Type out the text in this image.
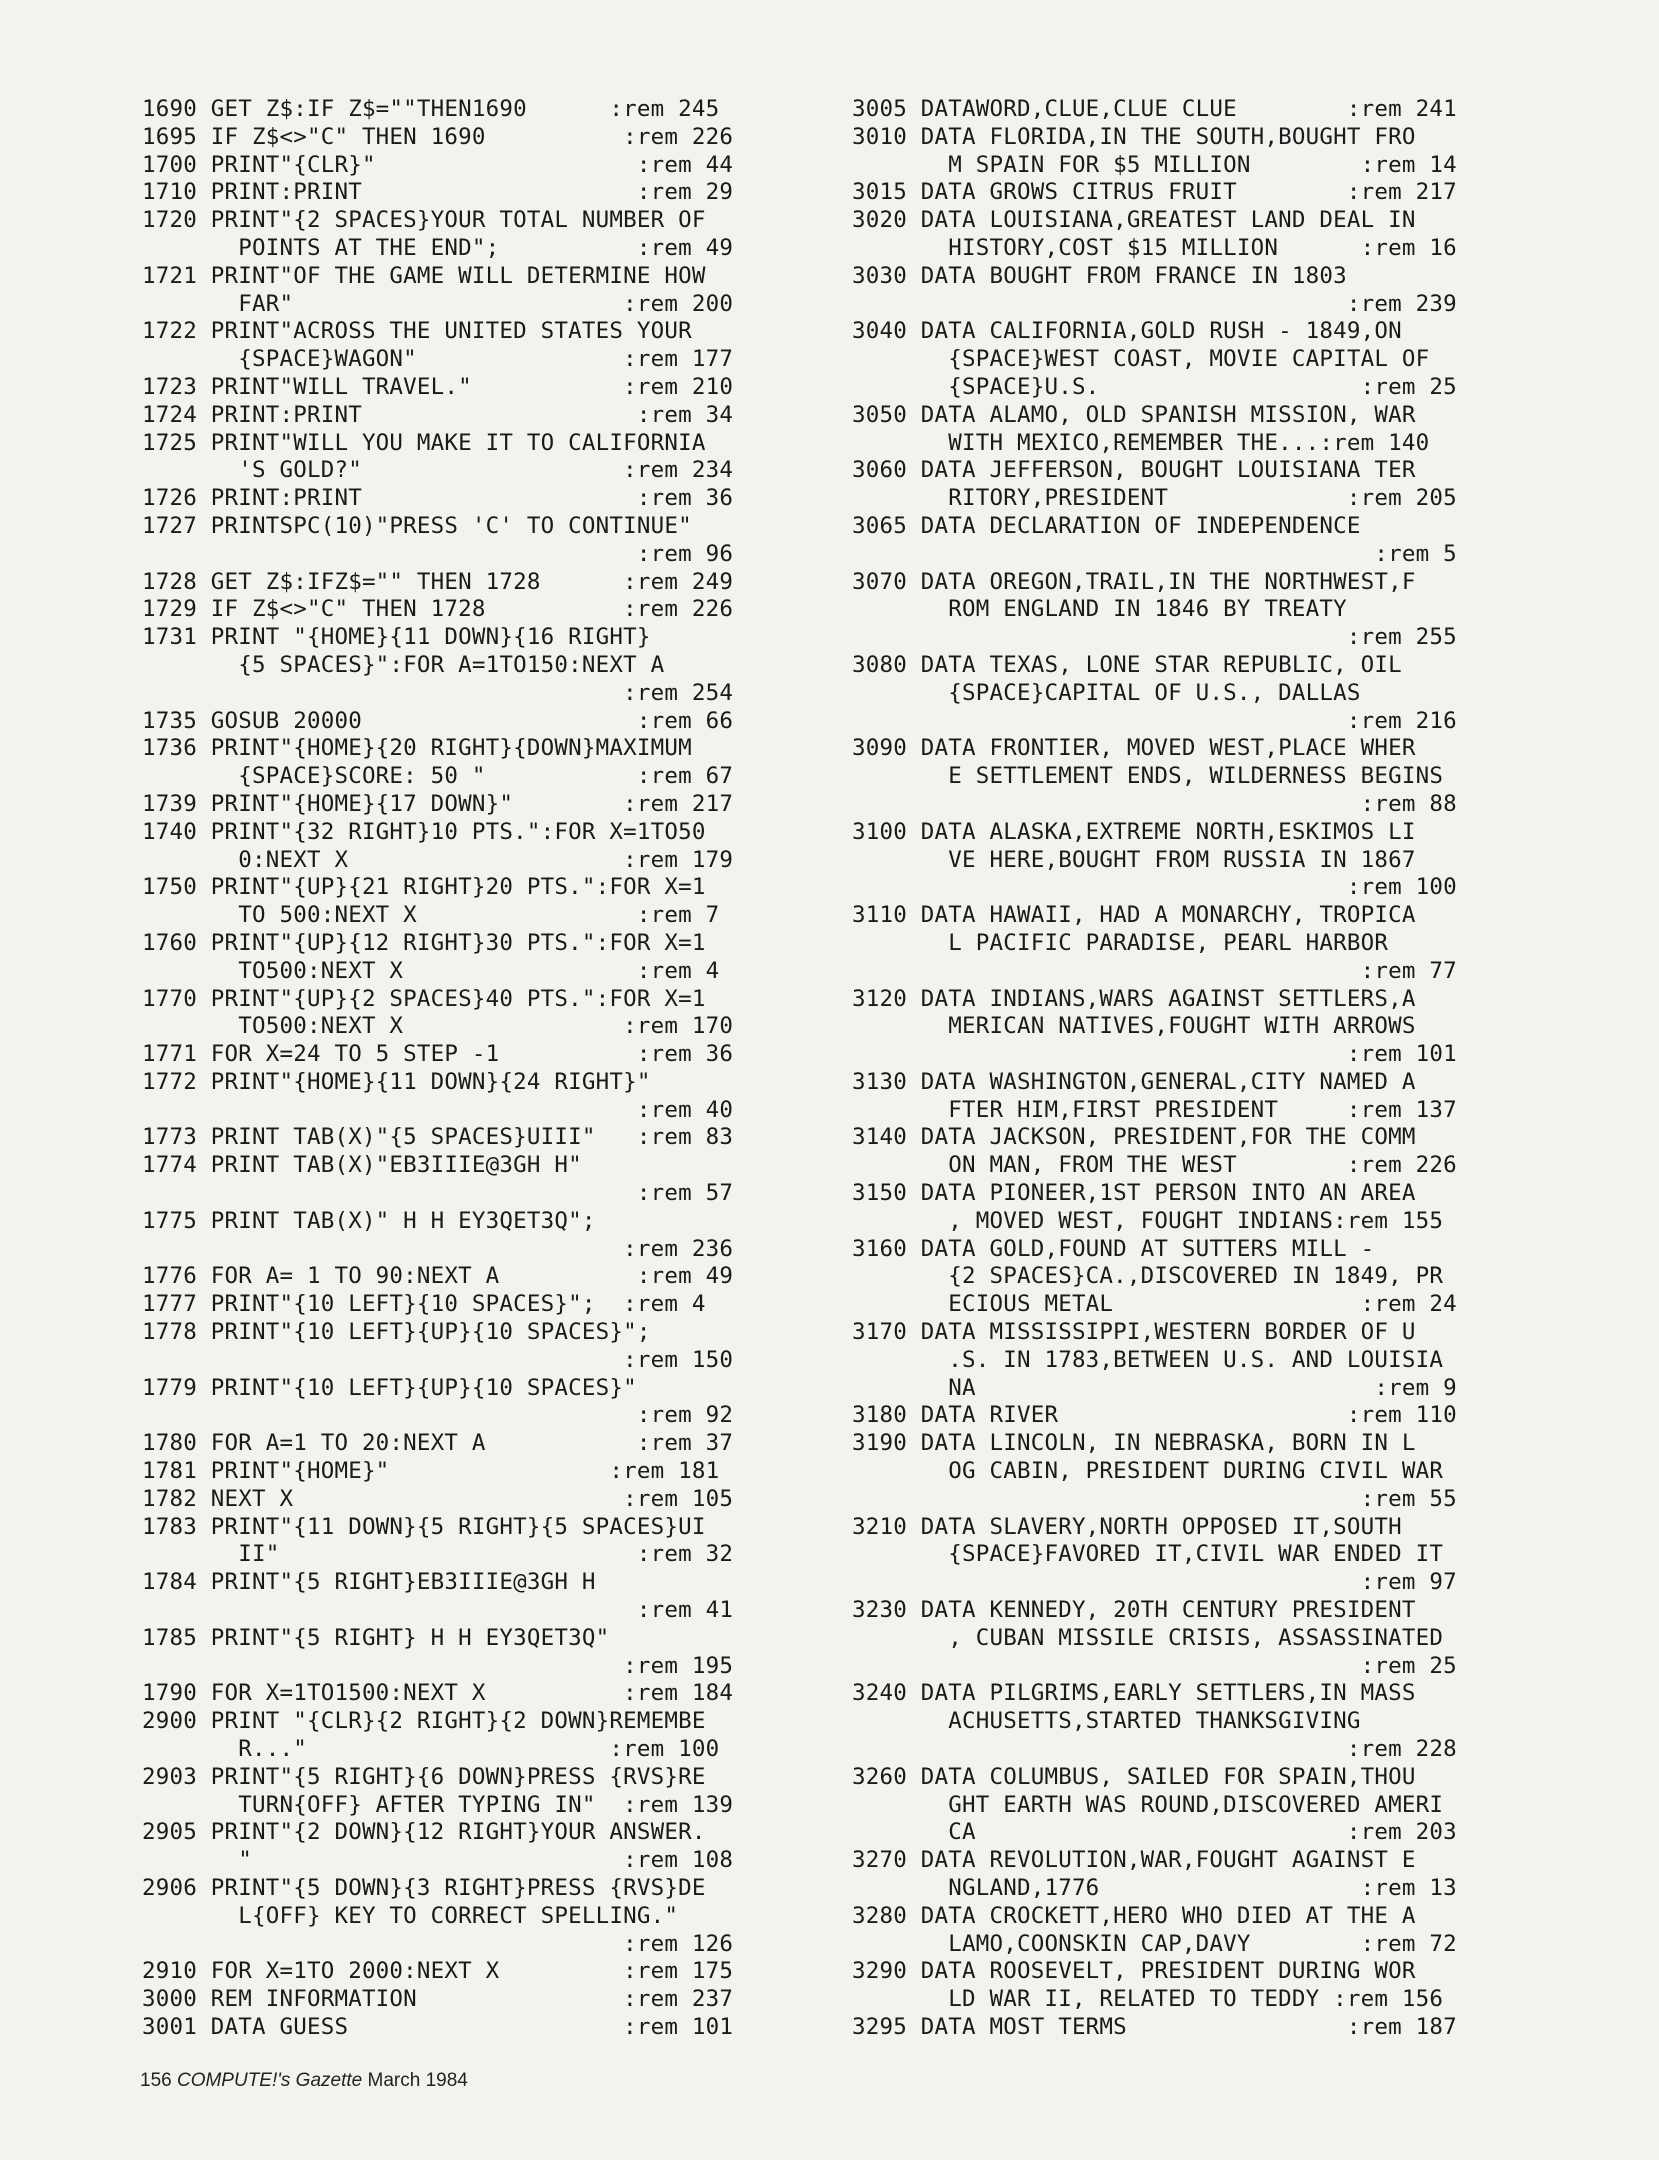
1690 GET Z$:IF Z$=""THEN1690      :rem 245
1695 IF Z$<>"C" THEN 1690          :rem 226
1700 PRINT"{CLR}"                   :rem 44
1710 PRINT:PRINT                    :rem 29
1720 PRINT"{2 SPACES}YOUR TOTAL NUMBER OF
POINTS AT THE END";          :rem 49
1721 PRINT"OF THE GAME WILL DETERMINE HOW
FAR"                        :rem 200
1722 PRINT"ACROSS THE UNITED STATES YOUR
{SPACE}WAGON"               :rem 177
1723 PRINT"WILL TRAVEL."           :rem 210
1724 PRINT:PRINT                    :rem 34
1725 PRINT"WILL YOU MAKE IT TO CALIFORNIA
'S GOLD?"                   :rem 234
1726 PRINT:PRINT                    :rem 36
1727 PRINTSPC(10)"PRESS 'C' TO CONTINUE"
:rem 96
1728 GET Z$:IFZ$="" THEN 1728      :rem 249
1729 IF Z$<>"C" THEN 1728          :rem 226
1731 PRINT "{HOME}{11 DOWN}{16 RIGHT}
{5 SPACES}":FOR A=1TO150:NEXT A
:rem 254
1735 GOSUB 20000                    :rem 66
1736 PRINT"{HOME}{20 RIGHT}{DOWN}MAXIMUM
{SPACE}SCORE: 50 "           :rem 67
1739 PRINT"{HOME}{17 DOWN}"        :rem 217
1740 PRINT"{32 RIGHT}10 PTS.":FOR X=1TO50
0:NEXT X                    :rem 179
1750 PRINT"{UP}{21 RIGHT}20 PTS.":FOR X=1
TO 500:NEXT X                :rem 7
1760 PRINT"{UP}{12 RIGHT}30 PTS.":FOR X=1
TO500:NEXT X                 :rem 4
1770 PRINT"{UP}{2 SPACES}40 PTS.":FOR X=1
TO500:NEXT X                :rem 170
1771 FOR X=24 TO 5 STEP -1          :rem 36
1772 PRINT"{HOME}{11 DOWN}{24 RIGHT}"
:rem 40
1773 PRINT TAB(X)"{5 SPACES}UIII"   :rem 83
1774 PRINT TAB(X)"EB3IIIE@3GH H"
:rem 57
1775 PRINT TAB(X)" H H EY3QET3Q";
:rem 236
1776 FOR A= 1 TO 90:NEXT A          :rem 49
1777 PRINT"{10 LEFT}{10 SPACES}";  :rem 4
1778 PRINT"{10 LEFT}{UP}{10 SPACES}";
:rem 150
1779 PRINT"{10 LEFT}{UP}{10 SPACES}"
:rem 92
1780 FOR A=1 TO 20:NEXT A           :rem 37
1781 PRINT"{HOME}"                :rem 181
1782 NEXT X                        :rem 105
1783 PRINT"{11 DOWN}{5 RIGHT}{5 SPACES}UI
II"                          :rem 32
1784 PRINT"{5 RIGHT}EB3IIIE@3GH H
:rem 41
1785 PRINT"{5 RIGHT} H H EY3QET3Q"
:rem 195
1790 FOR X=1TO1500:NEXT X          :rem 184
2900 PRINT "{CLR}{2 RIGHT}{2 DOWN}REMEMBE
R..."                      :rem 100
2903 PRINT"{5 RIGHT}{6 DOWN}PRESS {RVS}RE
TURN{OFF} AFTER TYPING IN"  :rem 139
2905 PRINT"{2 DOWN}{12 RIGHT}YOUR ANSWER.
"                           :rem 108
2906 PRINT"{5 DOWN}{3 RIGHT}PRESS {RVS}DE
L{OFF} KEY TO CORRECT SPELLING."
:rem 126
2910 FOR X=1TO 2000:NEXT X         :rem 175
3000 REM INFORMATION               :rem 237
3001 DATA GUESS                    :rem 101
3005 DATAWORD,CLUE,CLUE CLUE        :rem 241
3010 DATA FLORIDA,IN THE SOUTH,BOUGHT FRO
M SPAIN FOR $5 MILLION        :rem 14
3015 DATA GROWS CITRUS FRUIT        :rem 217
3020 DATA LOUISIANA,GREATEST LAND DEAL IN
HISTORY,COST $15 MILLION      :rem 16
3030 DATA BOUGHT FROM FRANCE IN 1803
:rem 239
3040 DATA CALIFORNIA,GOLD RUSH - 1849,ON
{SPACE}WEST COAST, MOVIE CAPITAL OF
{SPACE}U.S.                   :rem 25
3050 DATA ALAMO, OLD SPANISH MISSION, WAR
WITH MEXICO,REMEMBER THE...:rem 140
3060 DATA JEFFERSON, BOUGHT LOUISIANA TER
RITORY,PRESIDENT             :rem 205
3065 DATA DECLARATION OF INDEPENDENCE
:rem 5
3070 DATA OREGON,TRAIL,IN THE NORTHWEST,F
ROM ENGLAND IN 1846 BY TREATY
:rem 255
3080 DATA TEXAS, LONE STAR REPUBLIC, OIL
{SPACE}CAPITAL OF U.S., DALLAS
:rem 216
3090 DATA FRONTIER, MOVED WEST,PLACE WHER
E SETTLEMENT ENDS, WILDERNESS BEGINS
:rem 88
3100 DATA ALASKA,EXTREME NORTH,ESKIMOS LI
VE HERE,BOUGHT FROM RUSSIA IN 1867
:rem 100
3110 DATA HAWAII, HAD A MONARCHY, TROPICA
L PACIFIC PARADISE, PEARL HARBOR
:rem 77
3120 DATA INDIANS,WARS AGAINST SETTLERS,A
MERICAN NATIVES,FOUGHT WITH ARROWS
:rem 101
3130 DATA WASHINGTON,GENERAL,CITY NAMED A
FTER HIM,FIRST PRESIDENT     :rem 137
3140 DATA JACKSON, PRESIDENT,FOR THE COMM
ON MAN, FROM THE WEST        :rem 226
3150 DATA PIONEER,1ST PERSON INTO AN AREA
, MOVED WEST, FOUGHT INDIANS:rem 155
3160 DATA GOLD,FOUND AT SUTTERS MILL -
{2 SPACES}CA.,DISCOVERED IN 1849, PR
ECIOUS METAL                  :rem 24
3170 DATA MISSISSIPPI,WESTERN BORDER OF U
.S. IN 1783,BETWEEN U.S. AND LOUISIA
NA                             :rem 9
3180 DATA RIVER                     :rem 110
3190 DATA LINCOLN, IN NEBRASKA, BORN IN L
OG CABIN, PRESIDENT DURING CIVIL WAR
:rem 55
3210 DATA SLAVERY,NORTH OPPOSED IT,SOUTH
{SPACE}FAVORED IT,CIVIL WAR ENDED IT
:rem 97
3230 DATA KENNEDY, 20TH CENTURY PRESIDENT
, CUBAN MISSILE CRISIS, ASSASSINATED
:rem 25
3240 DATA PILGRIMS,EARLY SETTLERS,IN MASS
ACHUSETTS,STARTED THANKSGIVING
:rem 228
3260 DATA COLUMBUS, SAILED FOR SPAIN,THOU
GHT EARTH WAS ROUND,DISCOVERED AMERI
CA                           :rem 203
3270 DATA REVOLUTION,WAR,FOUGHT AGAINST E
NGLAND,1776                   :rem 13
3280 DATA CROCKETT,HERO WHO DIED AT THE A
LAMO,COONSKIN CAP,DAVY        :rem 72
3290 DATA ROOSEVELT, PRESIDENT DURING WOR
LD WAR II, RELATED TO TEDDY :rem 156
3295 DATA MOST TERMS                :rem 187
156 COMPUTE!'s Gazette March 1984
